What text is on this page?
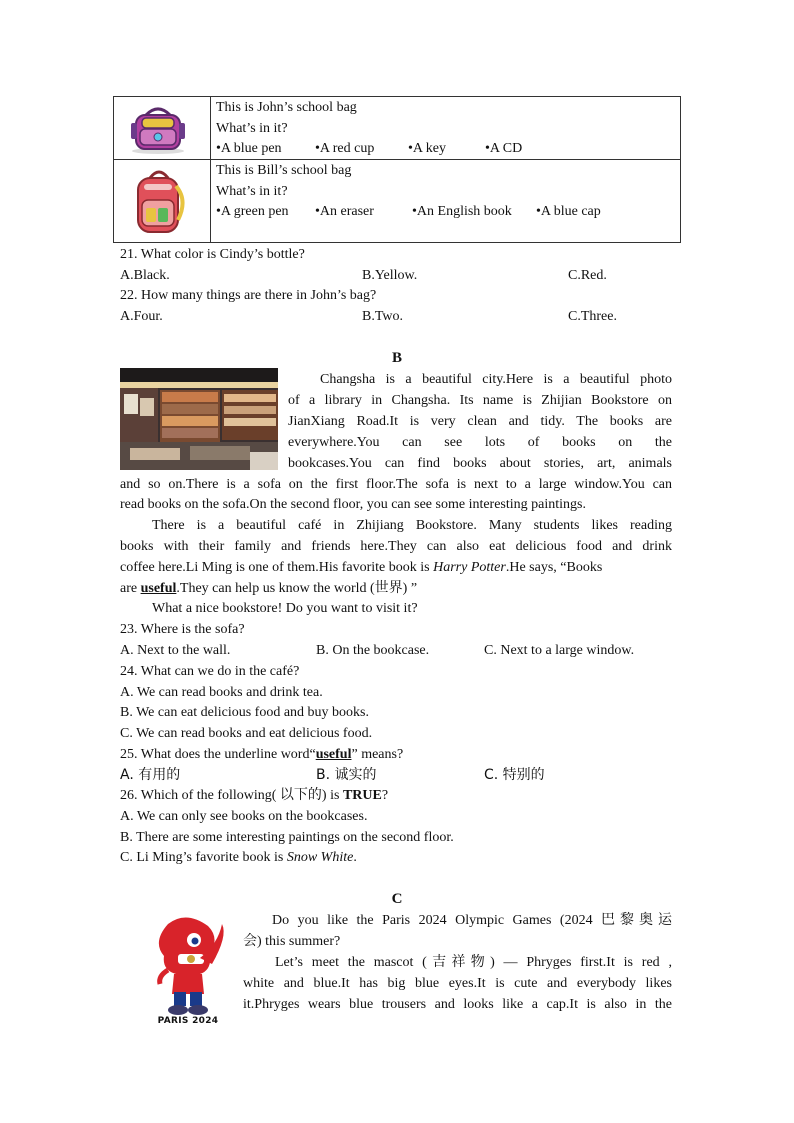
This is John’s school bag
What’s in it?
•A blue pen •A red cup •A key	•A CD
This is Bill’s school bag
What’s in it?
•A green pen •An eraser	•An English book •A blue cap
21. What color is Cindy’s bottle?
A.Black.	B.Yellow.	C.Red.
22. How many things are there in John’s bag?
A.Four.	B.Two.	C.Three.
B
Changsha is a beautiful city.Here is a beautiful photo
of a library in Changsha. Its name is Zhijian Bookstore on
JianXiang Road.It is very clean and tidy. The books are
everywhere.You can see lots of books on the
bookcases.You can find books about stories, art, animals
and so on.There is a sofa on the first floor.The sofa is next to a large window.You can
read books on the sofa.On the second floor, you can see some interesting paintings.
There is a beautiful café in Zhijiang Bookstore. Many students likes reading
books with their family and friends here.They can also eat delicious food and drink
coffee here.Li Ming is one of them.His favorite book is Harry Potter.He says, “Books
are useful.They can help us know the world (世界) ”
What a nice bookstore! Do you want to visit it?
23. Where is the sofa?
A. Next to the wall.	B. On the bookcase.	C. Next to a large window.
24. What can we do in the café?
A. We can read books and drink tea.
B. We can eat delicious food and buy books.
C. We can read books and eat delicious food.
25. What does the underline word“useful” means?
A. 有用的	B. 诚实的	C. 特别的
26. Which of the following( 以下的) is TRUE?
A. We can only see books on the bookcases.
B. There are some interesting paintings on the second floor.
C. Li Ming’s favorite book is Snow White.
C
PARIS 2024
Do you like the Paris 2024 Olympic Games (2024 巴黎奥运
会) this summer?
Let’s meet the mascot (吉祥物) — Phryges first.It is red ,
white and blue.It has big blue eyes.It is cute and everybody likes
it.Phryges wears blue trousers and looks like a cap.It is also in the
